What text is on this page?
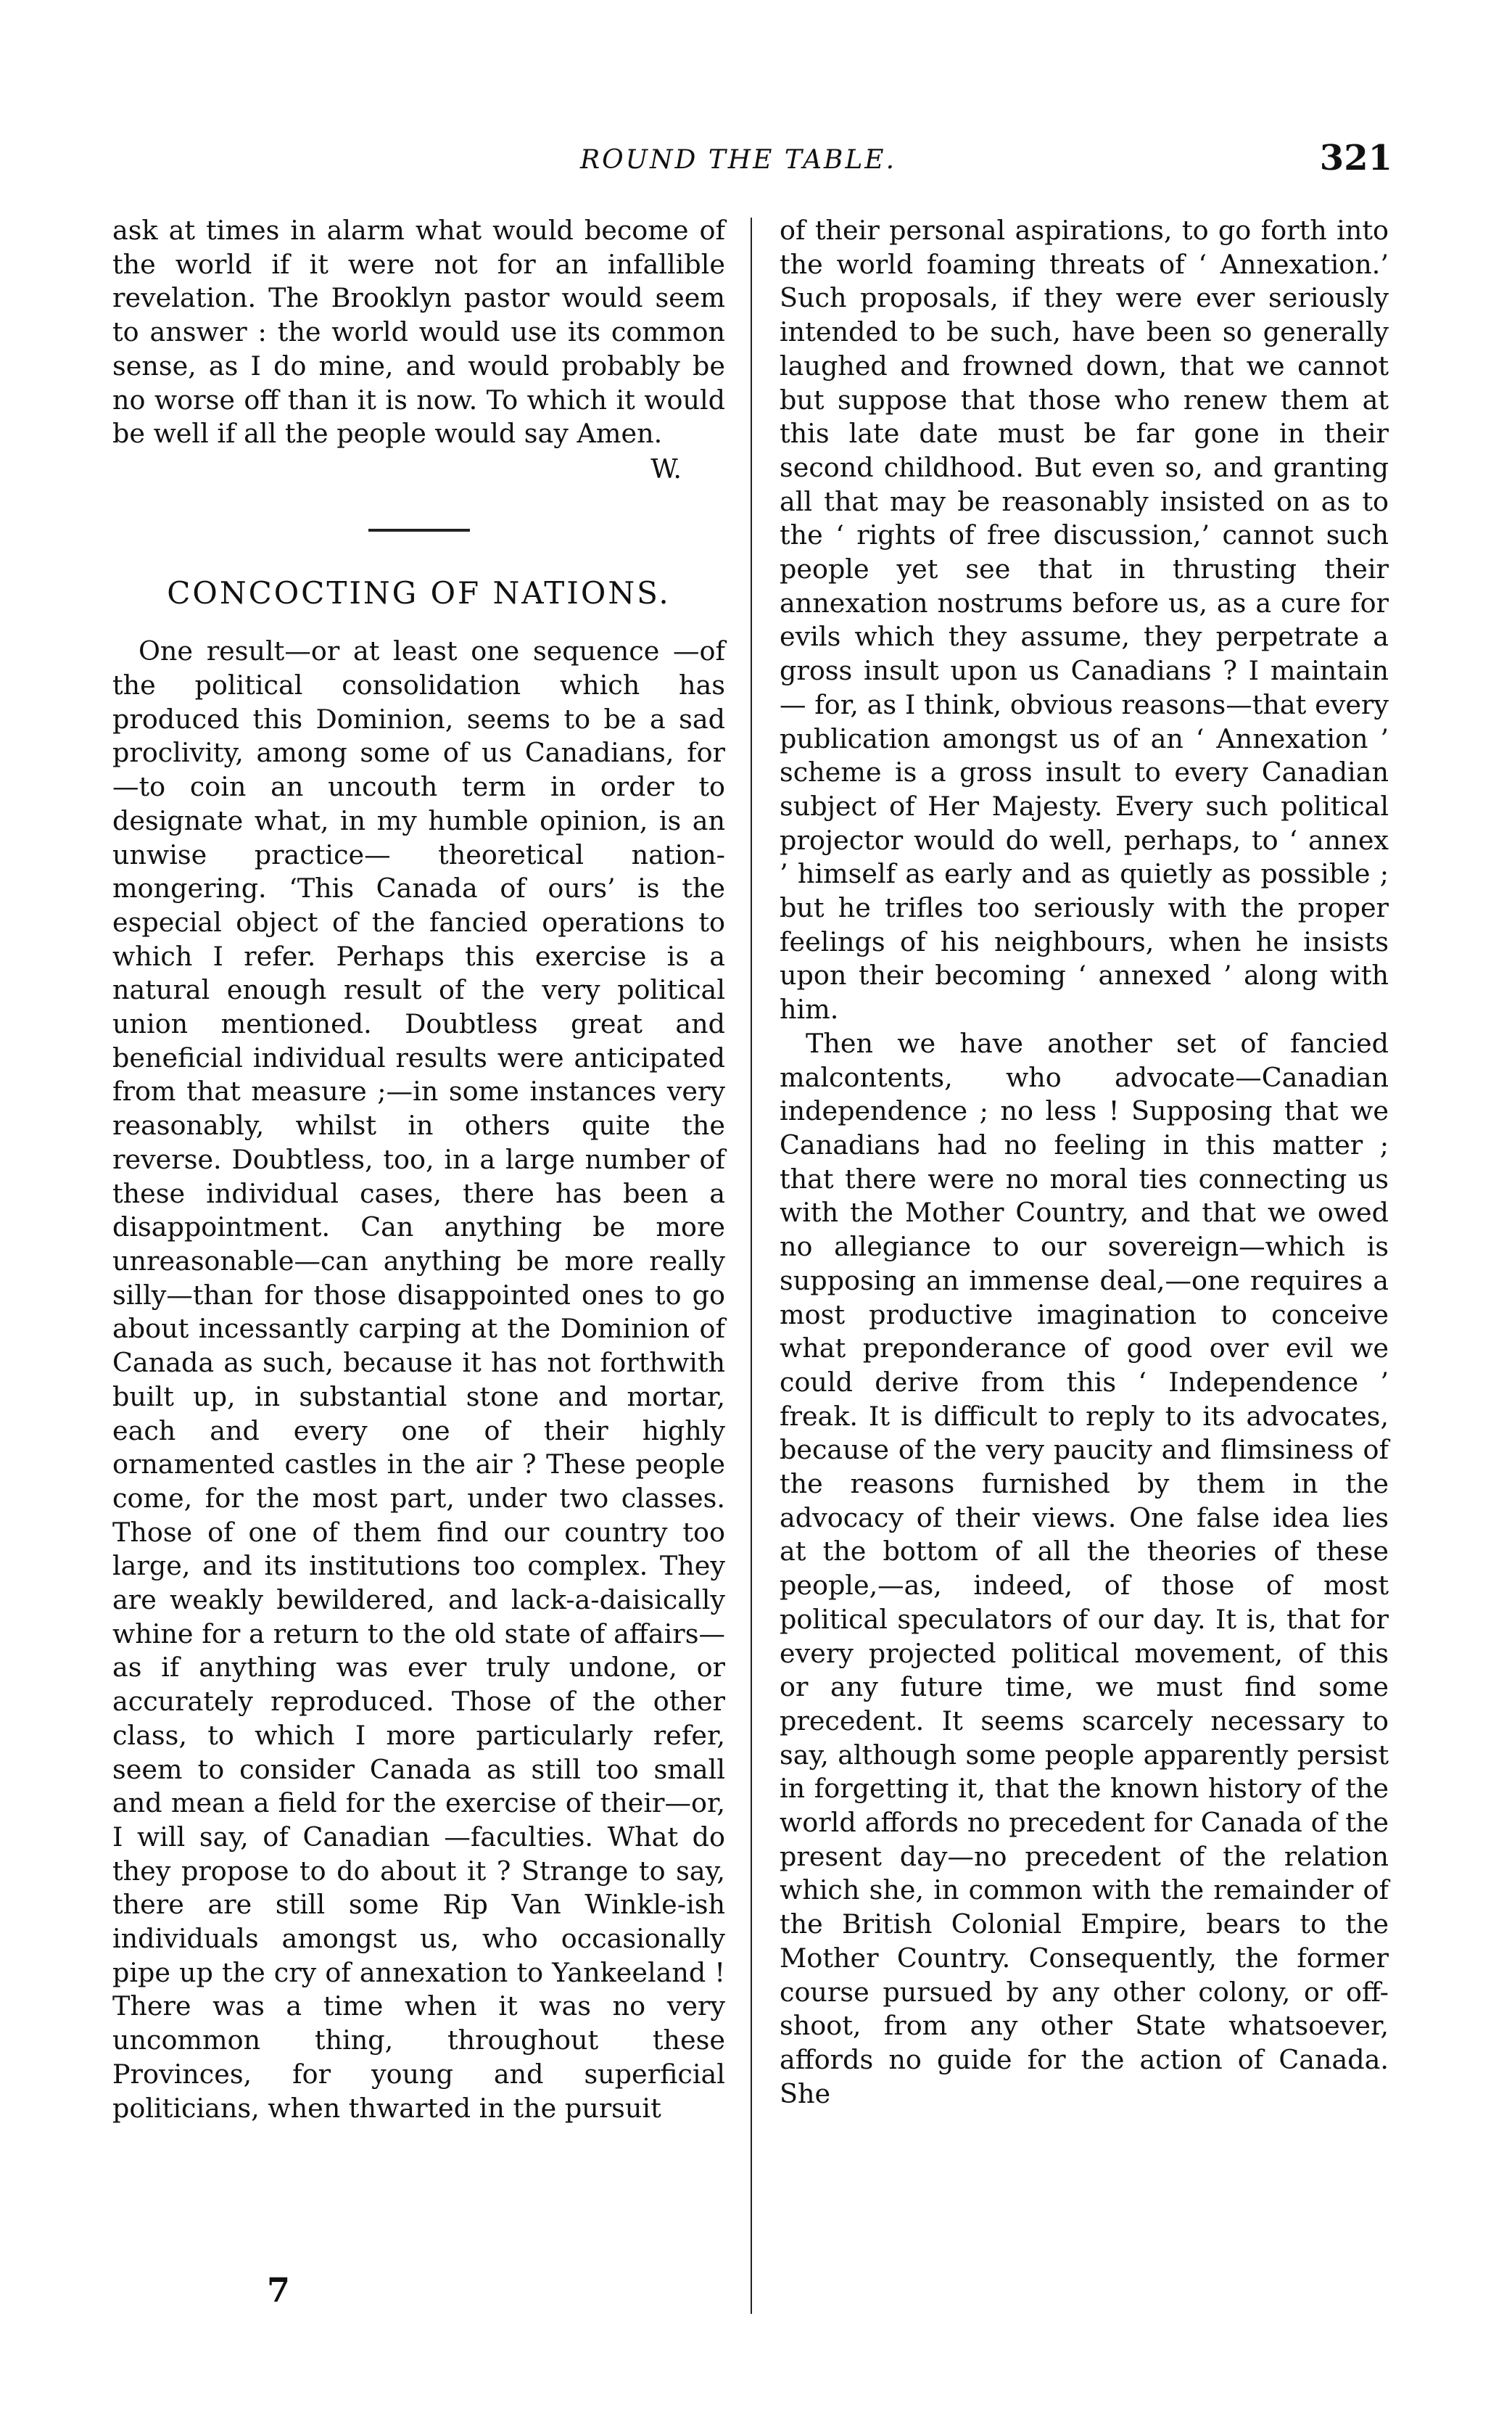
ROUND THE TABLE.	321

ask at times in alarm what would become of the world if it were not for an infallible revelation. The Brooklyn pastor would seem to answer : the world would use its common sense, as I do mine, and would probably be no worse off than it is now. To which it would be well if all the people would say Amen.

W.

CONCOCTING OF NATIONS.

One result—or at least one sequence —of the political consolidation which has produced this Dominion, seems to be a sad proclivity, among some of us Canadians, for—to coin an uncouth term in order to designate what, in my humble opinion, is an unwise practice— theoretical nation-mongering. ‘This Canada of ours’ is the especial object of the fancied operations to which I refer. Perhaps this exercise is a natural enough result of the very political union mentioned. Doubtless great and beneficial individual results were anticipated from that measure ;—in some instances very reasonably, whilst in others quite the reverse. Doubtless, too, in a large number of these individual cases, there has been a disappointment. Can anything be more unreasonable—can anything be more really silly—than for those disappointed ones to go about incessantly carping at the Dominion of Canada as such, because it has not forthwith built up, in substantial stone and mortar, each and every one of their highly ornamented castles in the air ? These people come, for the most part, under two classes. Those of one of them find our country too large, and its institutions too complex. They are weakly bewildered, and lack-a-daisically whine for a return to the old state of affairs— as if anything was ever truly undone, or accurately reproduced. Those of the other class, to which I more particularly refer, seem to consider Canada as still too small and mean a field for the exercise of their—or, I will say, of Canadian —faculties. What do they propose to do about it ? Strange to say, there are still some Rip Van Winkle-ish individuals amongst us, who occasionally pipe up the cry of annexation to Yankeeland ! There was a time when it was no very uncommon thing, throughout these Provinces, for young and superficial politicians, when thwarted in the pursuit

of their personal aspirations, to go forth into the world foaming threats of ‘ Annexation.’ Such proposals, if they were ever seriously intended to be such, have been so generally laughed and frowned down, that we cannot but suppose that those who renew them at this late date must be far gone in their second childhood. But even so, and granting all that may be reasonably insisted on as to the ‘ rights of free discussion,’ cannot such people yet see that in thrusting their annexation nostrums before us, as a cure for evils which they assume, they perpetrate a gross insult upon us Canadians ? I maintain — for, as I think, obvious reasons—that every publication amongst us of an ‘ Annexation ’ scheme is a gross insult to every Canadian subject of Her Majesty. Every such political projector would do well, perhaps, to ‘ annex ’ himself as early and as quietly as possible ; but he trifles too seriously with the proper feelings of his neighbours, when he insists upon their becoming ‘ annexed ’ along with him.

Then we have another set of fancied malcontents, who advocate—Canadian independence ; no less ! Supposing that we Canadians had no feeling in this matter ; that there were no moral ties connecting us with the Mother Country, and that we owed no allegiance to our sovereign—which is supposing an immense deal,—one requires a most productive imagination to conceive what preponderance of good over evil we could derive from this ‘ Independence ’ freak. It is difficult to reply to its advocates, because of the very paucity and flimsiness of the reasons furnished by them in the advocacy of their views. One false idea lies at the bottom of all the theories of these people,—as, indeed, of those of most political speculators of our day. It is, that for every projected political movement, of this or any future time, we must find some precedent. It seems scarcely necessary to say, although some people apparently persist in forgetting it, that the known history of the world affords no precedent for Canada of the present day—no precedent of the relation which she, in common with the remainder of the British Colonial Empire, bears to the Mother Country. Consequently, the former course pursued by any other colony, or off-shoot, from any other State whatsoever, affords no guide for the action of Canada. She

7
